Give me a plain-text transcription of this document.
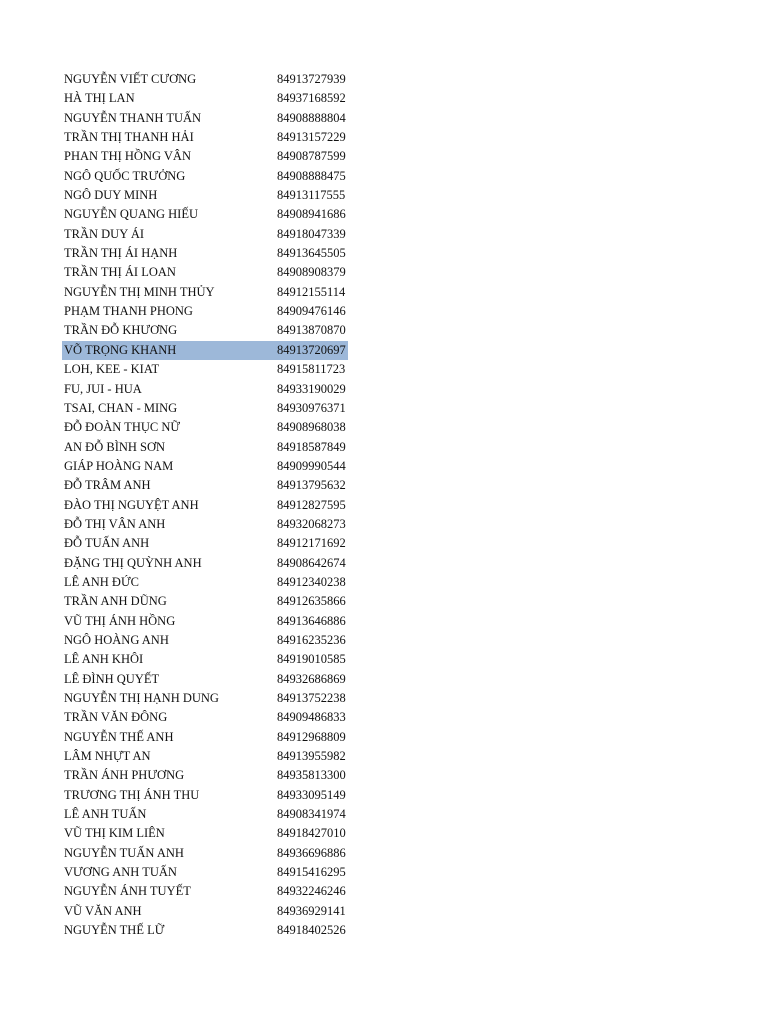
NGUYỄN VIẾT CƯƠNG	84913727939
HÀ THỊ LAN	84937168592
NGUYỄN THANH TUẤN	84908888804
TRẦN THỊ THANH HẢI	84913157229
PHAN THỊ HỒNG VÂN	84908787599
NGÔ QUỐC TRƯỞNG	84908888475
NGÔ DUY MINH	84913117555
NGUYỄN QUANG HIẾU	84908941686
TRẦN DUY ÁI	84918047339
TRẦN THỊ ÁI HẠNH	84913645505
TRẦN THỊ ÁI LOAN	84908908379
NGUYỄN THỊ MINH THỦY	84912155114
PHẠM THANH PHONG	84909476146
TRẦN ĐỖ KHƯƠNG	84913870870
VÕ TRỌNG KHANH	84913720697
LOH, KEE - KIAT	84915811723
FU, JUI - HUA	84933190029
TSAI, CHAN - MING	84930976371
ĐỖ ĐOÀN THỤC NỮ	84908968038
AN ĐỖ BÌNH SƠN	84918587849
GIÁP HOÀNG NAM	84909990544
ĐỖ TRÂM ANH	84913795632
ĐÀO THỊ NGUYỆT ANH	84912827595
ĐỖ THỊ VÂN ANH	84932068273
ĐỖ TUẤN ANH	84912171692
ĐẶNG THỊ QUỲNH ANH	84908642674
LÊ ANH ĐỨC	84912340238
TRẦN ANH DŨNG	84912635866
VŨ THỊ ÁNH HỒNG	84913646886
NGÔ HOÀNG ANH	84916235236
LÊ ANH KHÔI	84919010585
LÊ ĐÌNH QUYẾT	84932686869
NGUYỄN THỊ HẠNH DUNG	84913752238
TRẦN VĂN ĐÔNG	84909486833
NGUYỄN THẾ ANH	84912968809
LÂM NHỰT AN	84913955982
TRẦN ÁNH PHƯƠNG	84935813300
TRƯƠNG THỊ ÁNH THU	84933095149
LÊ ANH TUẤN	84908341974
VŨ THỊ KIM LIÊN	84918427010
NGUYỄN TUẤN ANH	84936696886
VƯƠNG ANH TUẤN	84915416295
NGUYỄN ÁNH TUYẾT	84932246246
VŨ VĂN ANH	84936929141
NGUYỄN THẾ LỮ	84918402526
